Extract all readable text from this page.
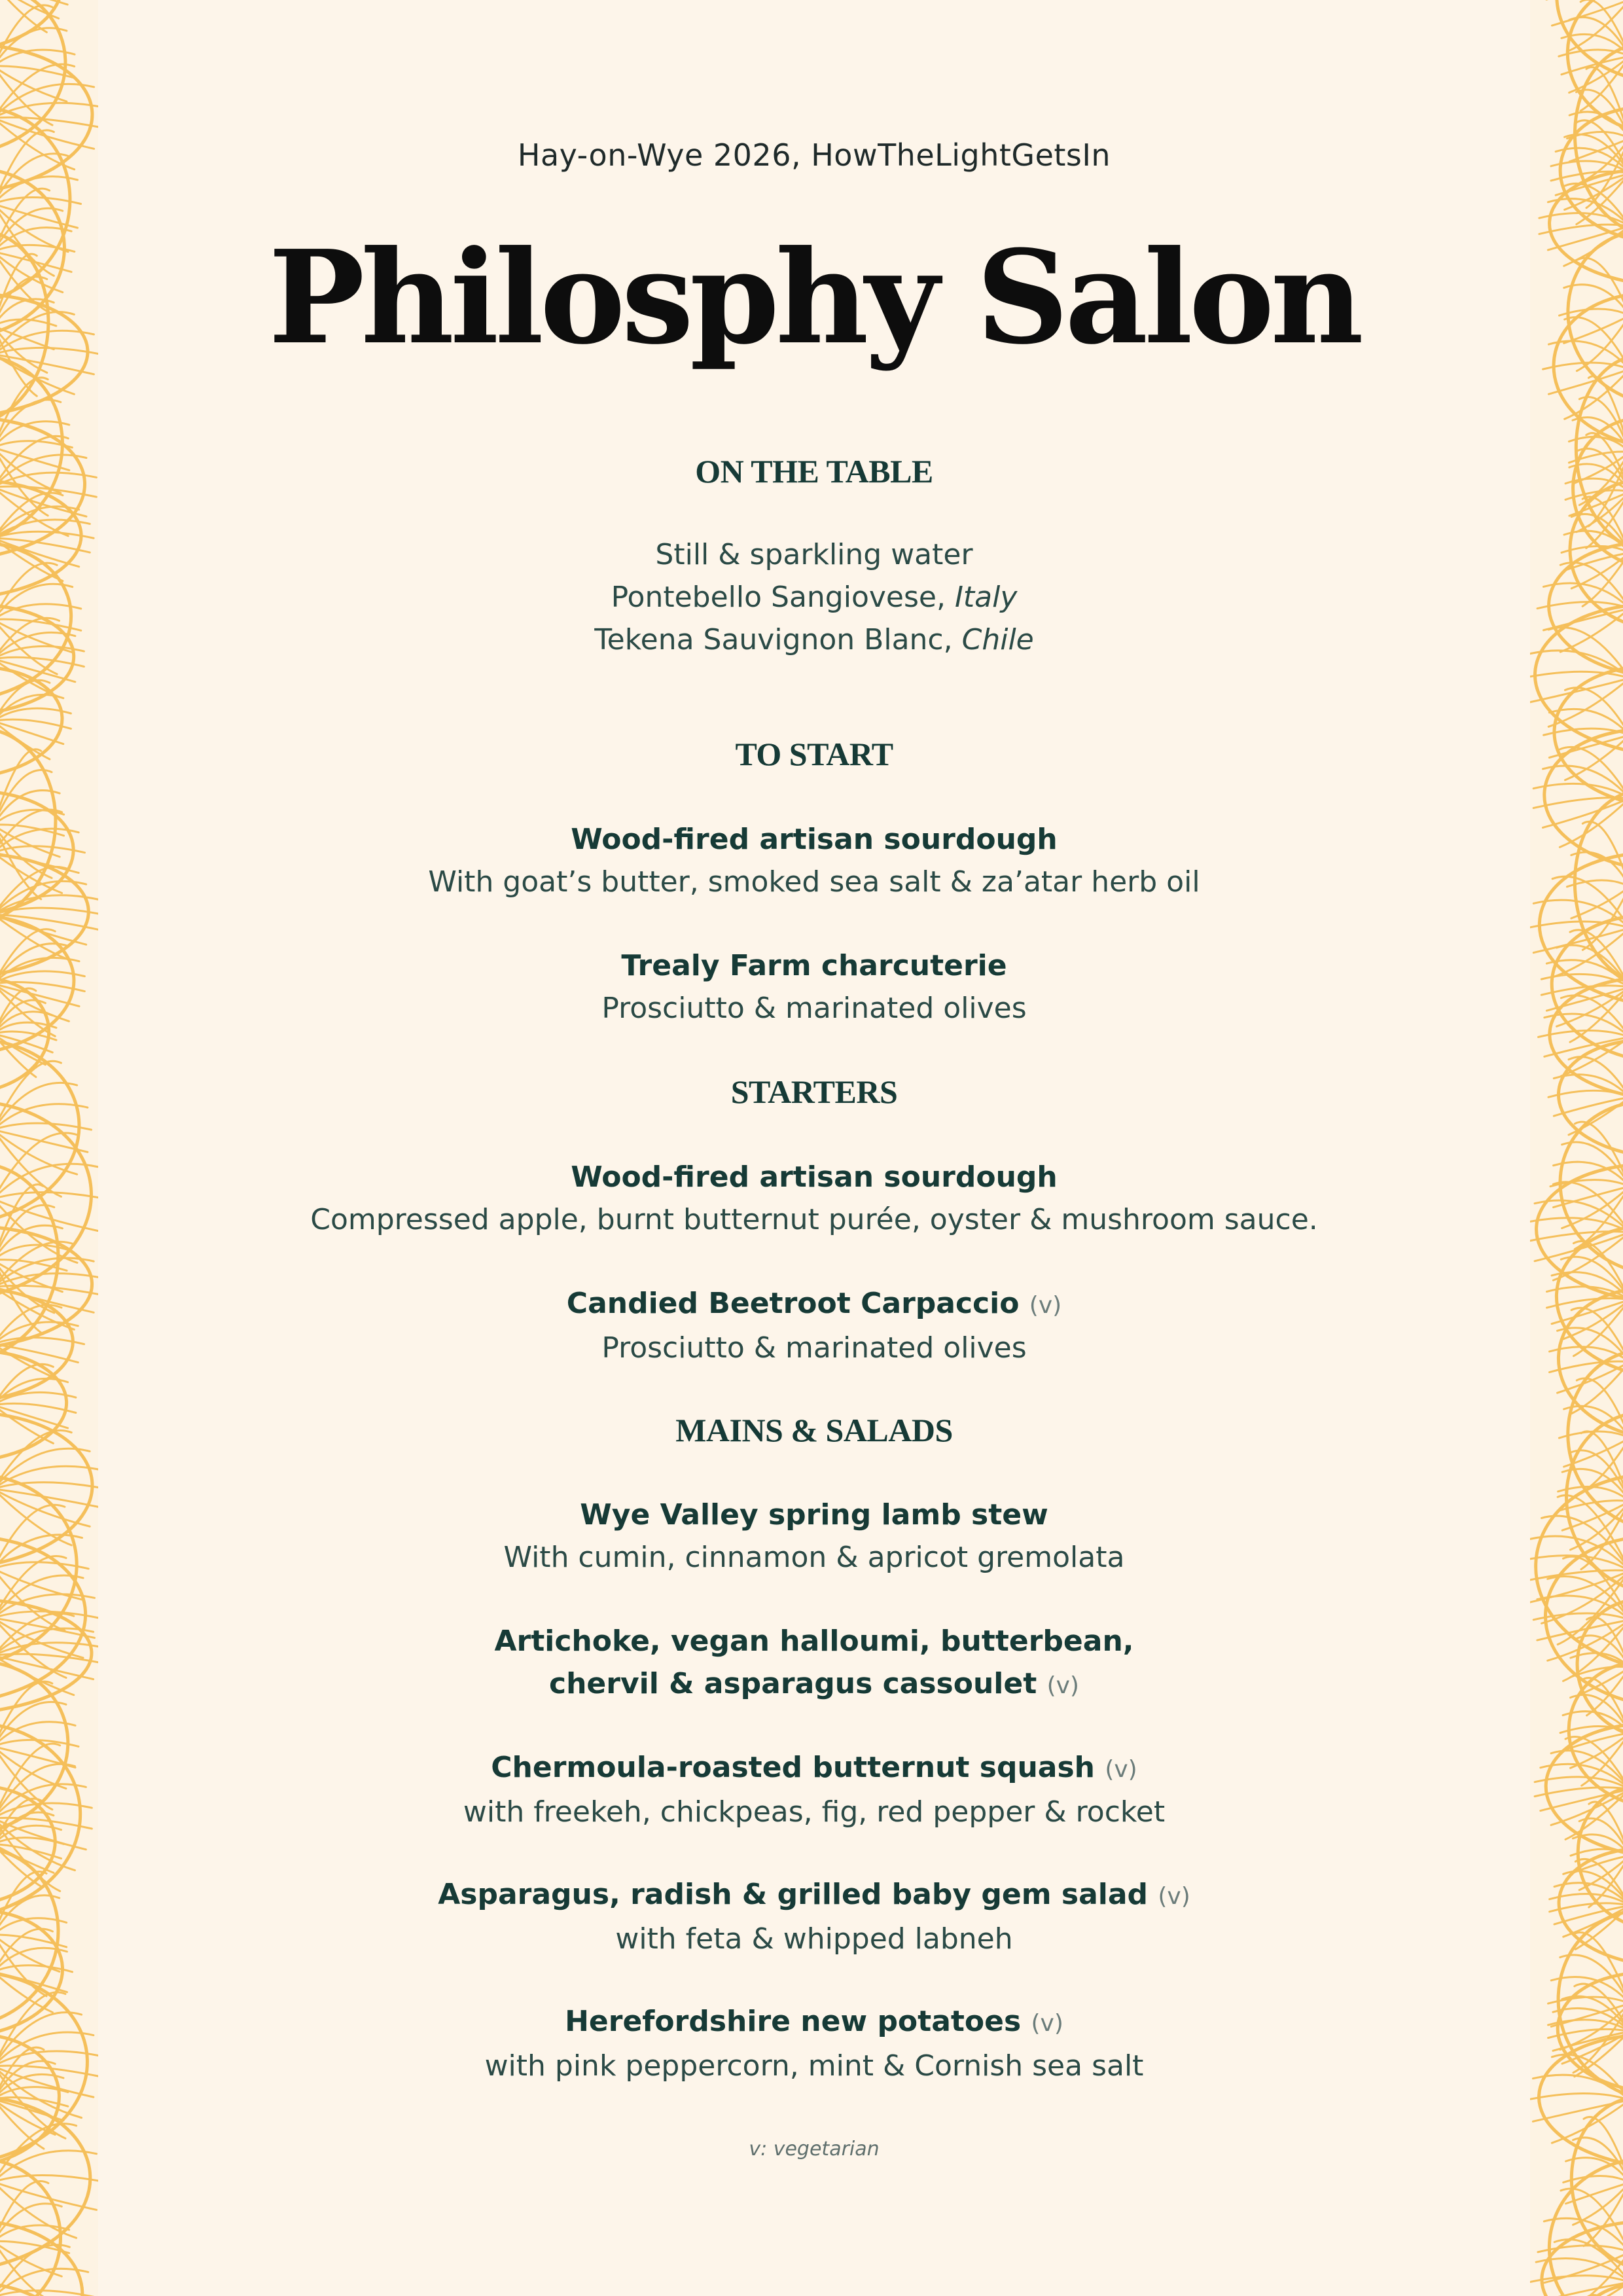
Hay-on-Wye 2026, HowTheLightGetsIn
Philosphy Salon
ON THE TABLE
Still & sparkling water
Pontebello Sangiovese, Italy
Tekena Sauvignon Blanc, Chile
TO START
Wood-fired artisan sourdough
With goat’s butter, smoked sea salt & za’atar herb oil
Trealy Farm charcuterie
Prosciutto & marinated olives
STARTERS
Wood-fired artisan sourdough
Compressed apple, burnt butternut purée, oyster & mushroom sauce.
Candied Beetroot Carpaccio (v)
Prosciutto & marinated olives
MAINS & SALADS
Wye Valley spring lamb stew
With cumin, cinnamon & apricot gremolata
Artichoke, vegan halloumi, butterbean,
chervil & asparagus cassoulet (v)
Chermoula-roasted butternut squash (v)
with freekeh, chickpeas, fig, red pepper & rocket
Asparagus, radish & grilled baby gem salad (v)
with feta & whipped labneh
Herefordshire new potatoes (v)
with pink peppercorn, mint & Cornish sea salt
v: vegetarian
